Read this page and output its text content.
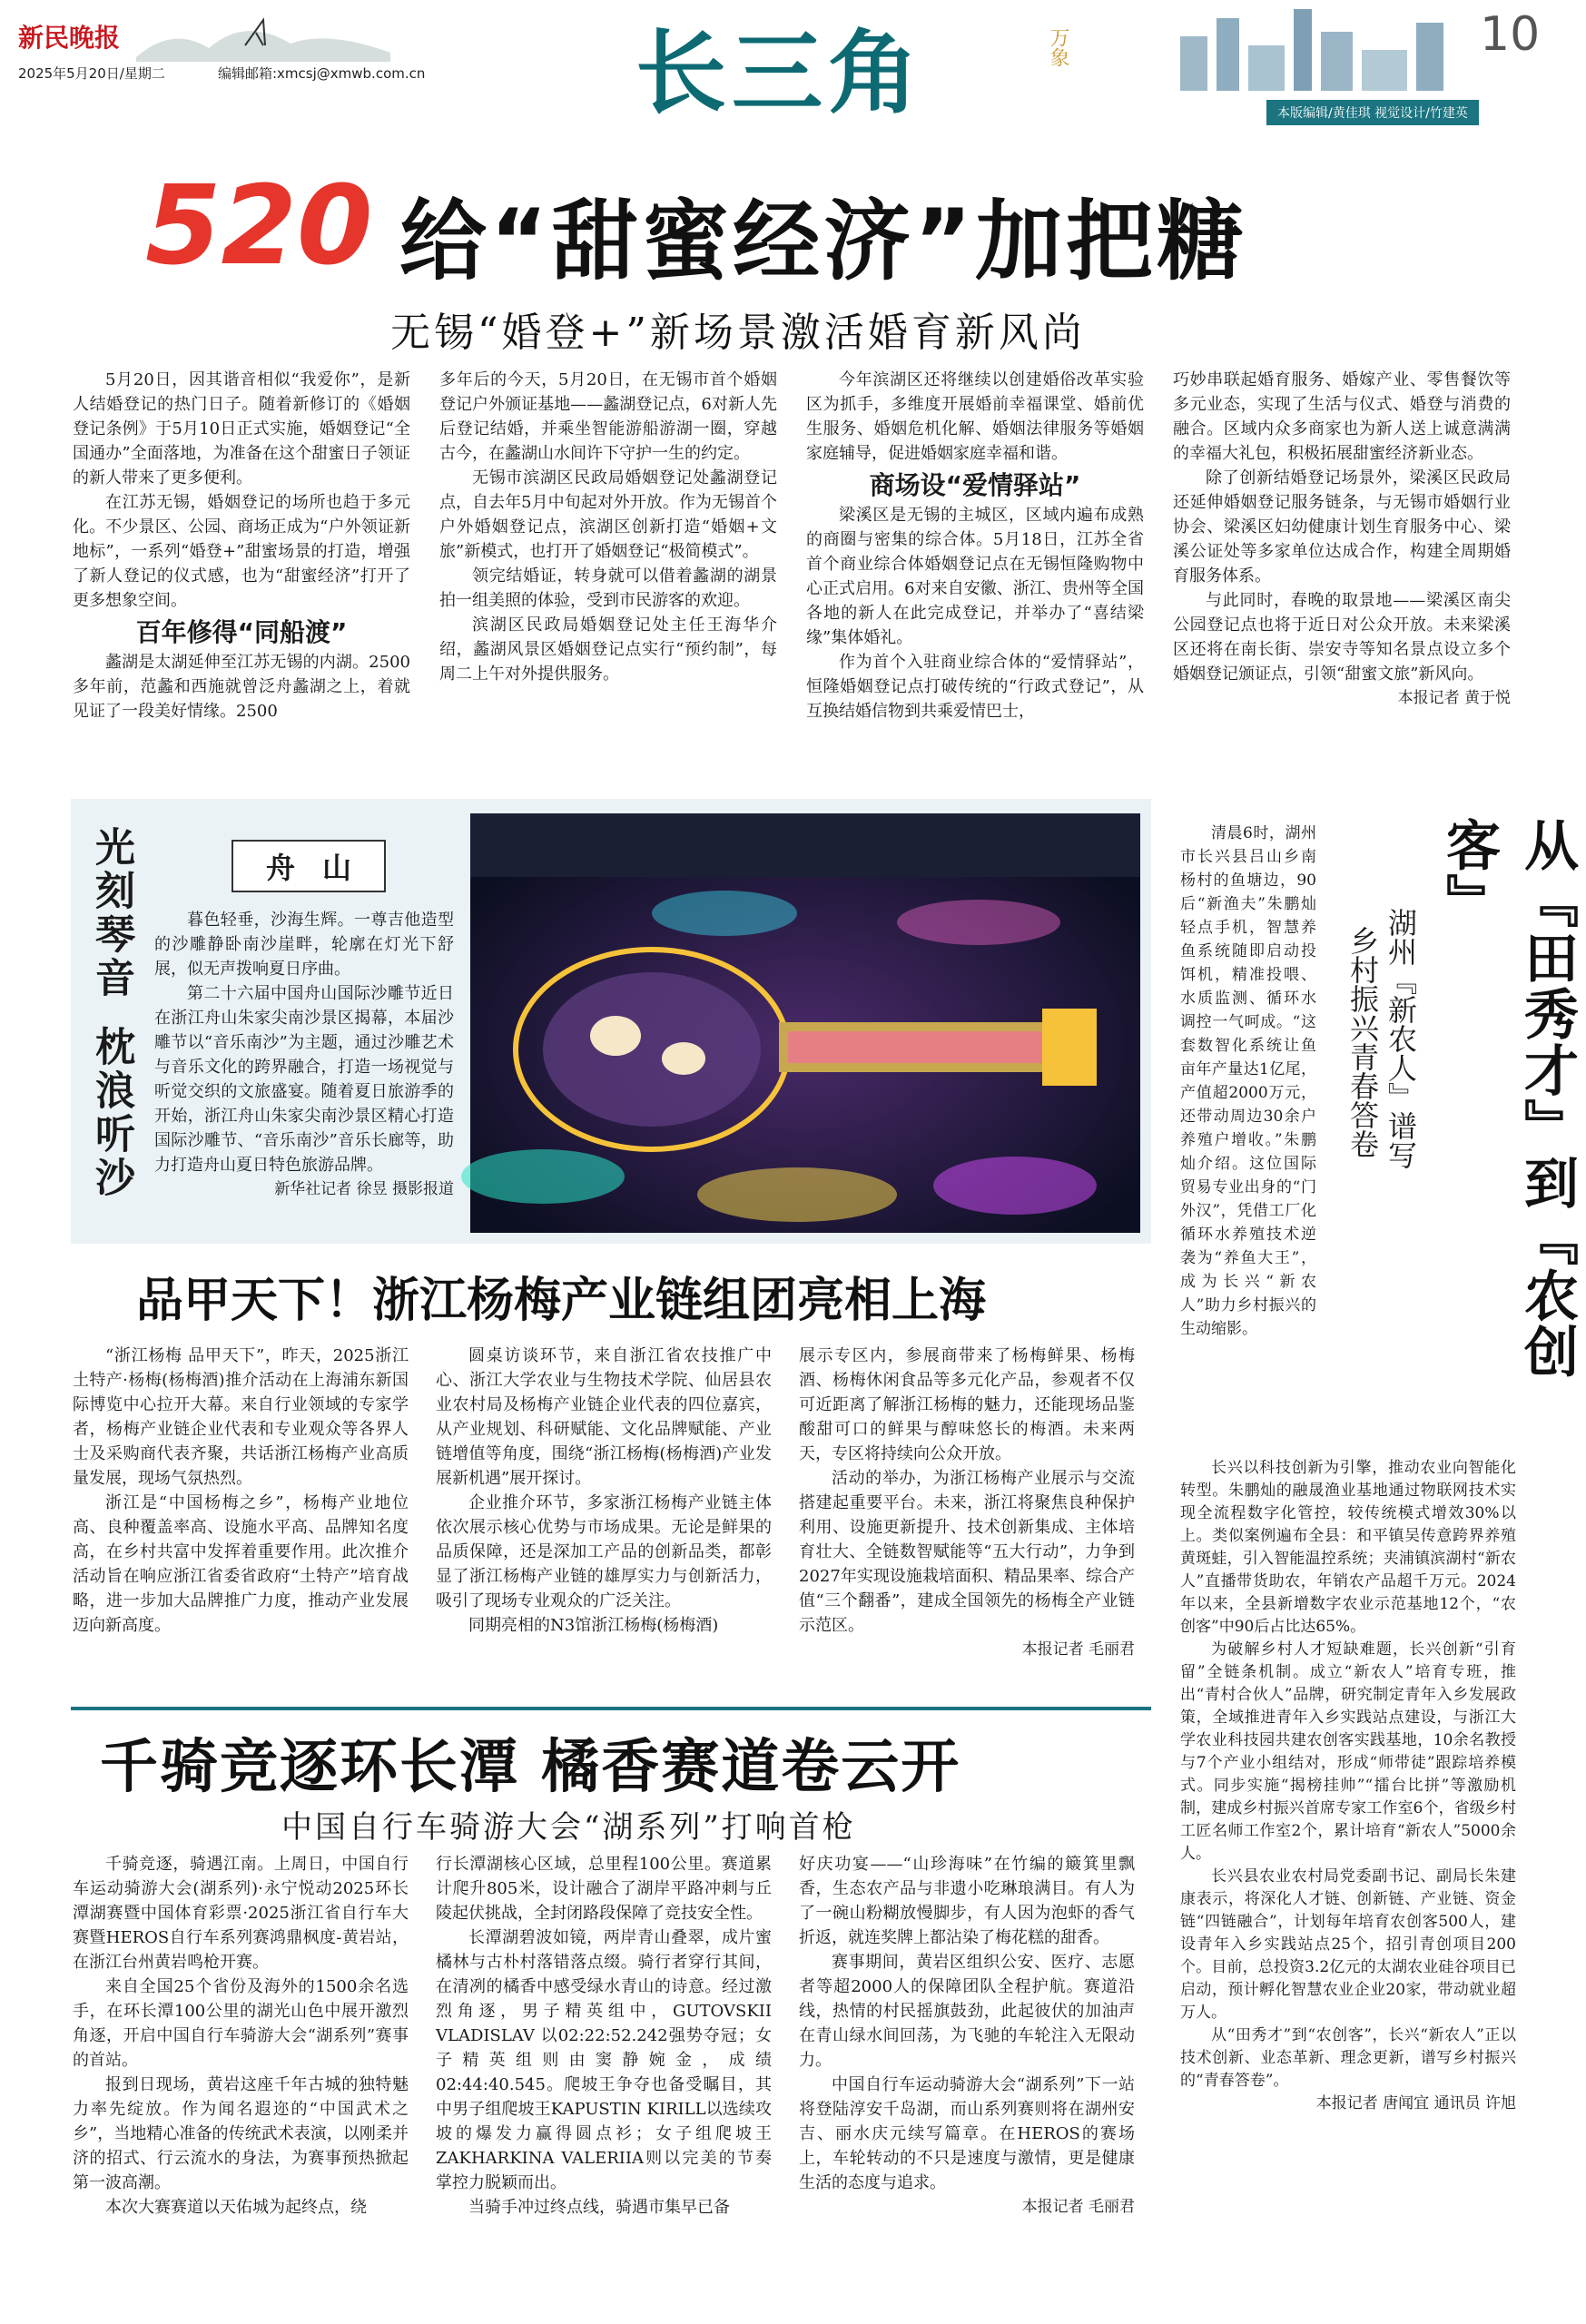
新民晚报
2025年5月20日/星期二	编辑邮箱:xmcsj@xmwb.com.cn 长三角	万象	10
本版编辑/黄佳琪 视觉设计/竹建英
520 给“甜蜜经济”加把糖
无锡“婚登+”新场景激活婚育新风尚

5月20日，因其谐音相似“我爱你”，是新人结婚登记的热门日子。随着新修订的《婚姻登记条例》于5月10日正式实施，婚姻登记“全国通办”全面落地，为准备在这个甜蜜日子领证的新人带来了更多便利。

在江苏无锡，婚姻登记的场所也趋于多元化。不少景区、公园、商场正成为“户外领证新地标”，一系列“婚登+”甜蜜场景的打造，增强了新人登记的仪式感，也为“甜蜜经济”打开了更多想象空间。

百年修得“同船渡”

蠡湖是太湖延伸至江苏无锡的内湖。2500多年前，范蠡和西施就曾泛舟蠡湖之上，着就见证了一段美好情缘。2500

多年后的今天，5月20日，在无锡市首个婚姻登记户外颁证基地——蠡湖登记点，6对新人先后登记结婚，并乘坐智能游船游湖一圈，穿越古今，在蠡湖山水间许下守护一生的约定。

无锡市滨湖区民政局婚姻登记处蠡湖登记点，自去年5月中旬起对外开放。作为无锡首个户外婚姻登记点，滨湖区创新打造“婚姻+文旅”新模式，也打开了婚姻登记“极简模式”。

领完结婚证，转身就可以借着蠡湖的湖景拍一组美照的体验，受到市民游客的欢迎。

滨湖区民政局婚姻登记处主任王海华介绍，蠡湖风景区婚姻登记点实行“预约制”，每周二上午对外提供服务。

今年滨湖区还将继续以创建婚俗改革实验区为抓手，多维度开展婚前幸福课堂、婚前优生服务、婚姻危机化解、婚姻法律服务等婚姻家庭辅导，促进婚姻家庭幸福和谐。

商场设“爱情驿站”

梁溪区是无锡的主城区，区域内遍布成熟的商圈与密集的综合体。5月18日，江苏全省首个商业综合体婚姻登记点在无锡恒隆购物中心正式启用。6对来自安徽、浙江、贵州等全国各地的新人在此完成登记，并举办了“喜结梁缘”集体婚礼。

作为首个入驻商业综合体的“爱情驿站”，恒隆婚姻登记点打破传统的“行政式登记”，从互换结婚信物到共乘爱情巴士，

巧妙串联起婚育服务、婚嫁产业、零售餐饮等多元业态，实现了生活与仪式、婚登与消费的融合。区域内众多商家也为新人送上诚意满满的幸福大礼包，积极拓展甜蜜经济新业态。

除了创新结婚登记场景外，梁溪区民政局还延伸婚姻登记服务链条，与无锡市婚姻行业协会、梁溪区妇幼健康计划生育服务中心、梁溪公证处等多家单位达成合作，构建全周期婚育服务体系。

与此同时，春晚的取景地——梁溪区南尖公园登记点也将于近日对公众开放。未来梁溪区还将在南长街、崇安寺等知名景点设立多个婚姻登记颁证点，引领“甜蜜文旅”新风向。

本报记者 黄于悦
光刻琴音
枕浪听沙
舟山

暮色轻垂，沙海生辉。一尊吉他造型的沙雕静卧南沙崖畔，轮廓在灯光下舒展，似无声拨响夏日序曲。

第二十六届中国舟山国际沙雕节近日在浙江舟山朱家尖南沙景区揭幕，本届沙雕节以“音乐南沙”为主题，通过沙雕艺术与音乐文化的跨界融合，打造一场视觉与听觉交织的文旅盛宴。随着夏日旅游季的开始，浙江舟山朱家尖南沙景区精心打造国际沙雕节、“音乐南沙”音乐长廊等，助力打造舟山夏日特色旅游品牌。

新华社记者 徐昱 摄影报道
品甲天下！浙江杨梅产业链组团亮相上海

“浙江杨梅 品甲天下”，昨天，2025浙江土特产·杨梅(杨梅酒)推介活动在上海浦东新国际博览中心拉开大幕。来自行业领域的专家学者，杨梅产业链企业代表和专业观众等各界人士及采购商代表齐聚，共话浙江杨梅产业高质量发展，现场气氛热烈。

浙江是“中国杨梅之乡”，杨梅产业地位高、良种覆盖率高、设施水平高、品牌知名度高，在乡村共富中发挥着重要作用。此次推介活动旨在响应浙江省委省政府“土特产”培育战略，进一步加大品牌推广力度，推动产业发展迈向新高度。

圆桌访谈环节，来自浙江省农技推广中心、浙江大学农业与生物技术学院、仙居县农业农村局及杨梅产业链企业代表的四位嘉宾，从产业规划、科研赋能、文化品牌赋能、产业链增值等角度，围绕“浙江杨梅(杨梅酒)产业发展新机遇”展开探讨。

企业推介环节，多家浙江杨梅产业链主体依次展示核心优势与市场成果。无论是鲜果的品质保障，还是深加工产品的创新品类，都彰显了浙江杨梅产业链的雄厚实力与创新活力，吸引了现场专业观众的广泛关注。

同期亮相的N3馆浙江杨梅(杨梅酒)

展示专区内，参展商带来了杨梅鲜果、杨梅酒、杨梅休闲食品等多元化产品，参观者不仅可近距离了解浙江杨梅的魅力，还能现场品鉴酸甜可口的鲜果与醇味悠长的梅酒。未来两天，专区将持续向公众开放。

活动的举办，为浙江杨梅产业展示与交流搭建起重要平台。未来，浙江将聚焦良种保护利用、设施更新提升、技术创新集成、主体培育壮大、全链数智赋能等“五大行动”，力争到2027年实现设施栽培面积、精品果率、综合产值“三个翻番”，建成全国领先的杨梅全产业链示范区。

本报记者 毛丽君
千骑竞逐环长潭 橘香赛道卷云开
中国自行车骑游大会“湖系列”打响首枪

千骑竞逐，骑遇江南。上周日，中国自行车运动骑游大会(湖系列)·永宁悦动2025环长潭湖赛暨中国体育彩票·2025浙江省自行车大赛暨HEROS自行车系列赛鸿鼎枫度-黄岩站，在浙江台州黄岩鸣枪开赛。

来自全国25个省份及海外的1500余名选手，在环长潭100公里的湖光山色中展开激烈角逐，开启中国自行车骑游大会“湖系列”赛事的首站。

报到日现场，黄岩这座千年古城的独特魅力率先绽放。作为闻名遐迩的“中国武术之乡”，当地精心准备的传统武术表演，以刚柔并济的招式、行云流水的身法，为赛事预热掀起第一波高潮。

本次大赛赛道以天佑城为起终点，绕

行长潭湖核心区域，总里程100公里。赛道累计爬升805米，设计融合了湖岸平路冲刺与丘陵起伏挑战，全封闭路段保障了竞技安全性。

长潭湖碧波如镜，两岸青山叠翠，成片蜜橘林与古朴村落错落点缀。骑行者穿行其间，在清冽的橘香中感受绿水青山的诗意。经过激烈角逐，男子精英组中，GUTOVSKII VLADISLAV 以02:22:52.242强势夺冠；女子精英组则由窦静婉金，成绩02:44:40.545。爬坡王争夺也备受瞩目，其中男子组爬坡王KAPUSTIN KIRILL以选续攻坡的爆发力赢得圆点衫；女子组爬坡王ZAKHARKINA VALERIIA则以完美的节奏掌控力脱颖而出。

当骑手冲过终点线，骑遇市集早已备

好庆功宴——“山珍海味”在竹编的簸箕里飘香，生态农产品与非遗小吃琳琅满目。有人为了一碗山粉糊放慢脚步，有人因为泡虾的香气折返，就连奖牌上都沾染了梅花糕的甜香。

赛事期间，黄岩区组织公安、医疗、志愿者等超2000人的保障团队全程护航。赛道沿线，热情的村民摇旗鼓劲，此起彼伏的加油声在青山绿水间回荡，为飞驰的车轮注入无限动力。

中国自行车运动骑游大会“湖系列”下一站将登陆淳安千岛湖，而山系列赛则将在湖州安吉、丽水庆元续写篇章。在HEROS的赛场上，车轮转动的不只是速度与激情，更是健康生活的态度与追求。

本报记者 毛丽君
从『田秀才』到『农创客』
湖州『新农人』谱写
乡村振兴青春答卷

清晨6时，湖州市长兴县吕山乡南杨村的鱼塘边，90后“新渔夫”朱鹏灿轻点手机，智慧养鱼系统随即启动投饵机，精准投喂、水质监测、循环水调控一气呵成。“这套数智化系统让鱼亩年产量达1亿尾，产值超2000万元，还带动周边30余户养殖户增收。”朱鹏灿介绍。这位国际贸易专业出身的“门外汉”，凭借工厂化循环水养殖技术逆袭为“养鱼大王”，成为长兴“新农人”助力乡村振兴的生动缩影。

长兴以科技创新为引擎，推动农业向智能化转型。朱鹏灿的融晟渔业基地通过物联网技术实现全流程数字化管控，较传统模式增效30%以上。类似案例遍布全县：和平镇吴传意跨界养殖黄斑蛙，引入智能温控系统；夹浦镇滨湖村“新农人”直播带货助农，年销农产品超千万元。2024年以来，全县新增数字农业示范基地12个，“农创客”中90后占比达65%。

为破解乡村人才短缺难题，长兴创新“引育留”全链条机制。成立“新农人”培育专班，推出“青村合伙人”品牌，研究制定青年入乡发展政策，全域推进青年入乡实践站点建设，与浙江大学农业科技园共建农创客实践基地，10余名教授与7个产业小组结对，形成“师带徒”跟踪培养模式。同步实施“揭榜挂帅”“擂台比拼”等激励机制，建成乡村振兴首席专家工作室6个，省级乡村工匠名师工作室2个，累计培育“新农人”5000余人。

长兴县农业农村局党委副书记、副局长朱建康表示，将深化人才链、创新链、产业链、资金链“四链融合”，计划每年培育农创客500人，建设青年入乡实践站点25个，招引青创项目200个。目前，总投资3.2亿元的太湖农业硅谷项目已启动，预计孵化智慧农业企业20家，带动就业超万人。

从“田秀才”到“农创客”，长兴“新农人”正以技术创新、业态革新、理念更新，谱写乡村振兴的“青春答卷”。

本报记者 唐闻宜 通讯员 许旭
